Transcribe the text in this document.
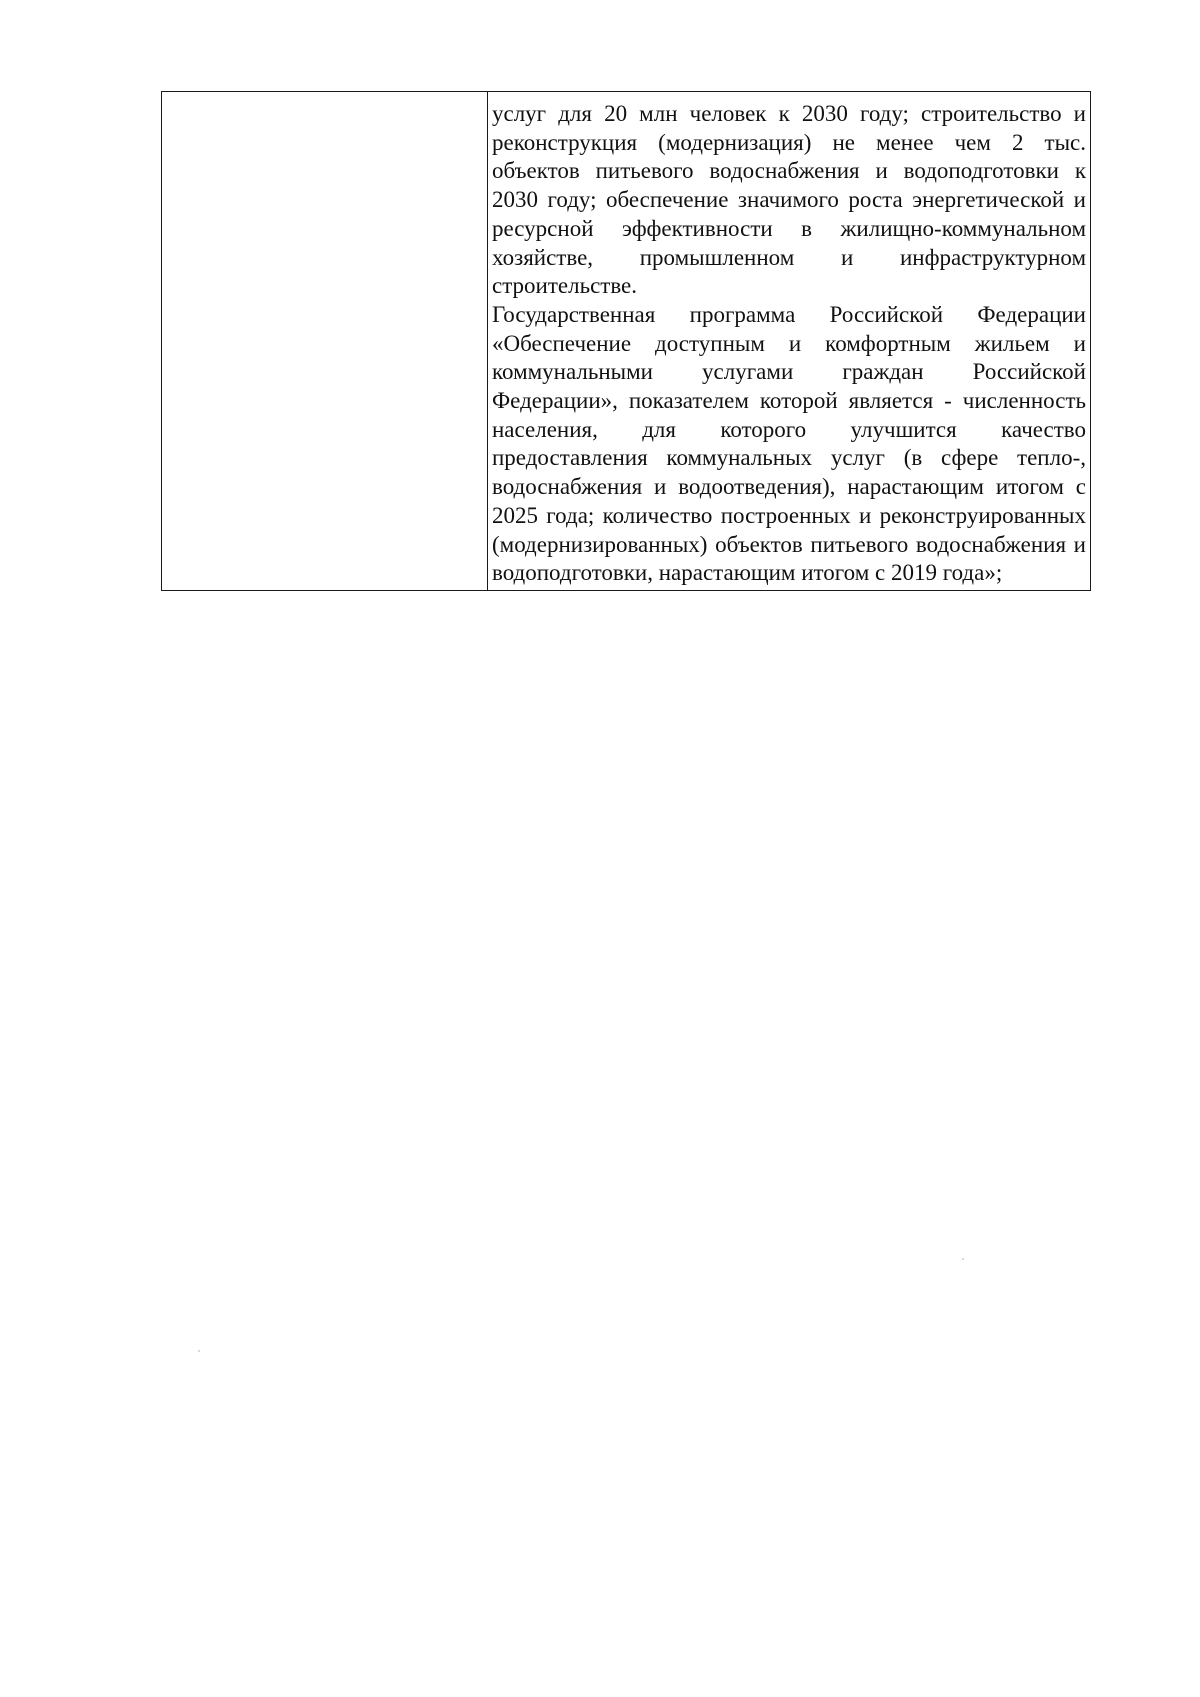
услуг для 20 млн человек к 2030 году; строительство и реконструкция (модернизация) не менее чем 2 тыс. объектов питьевого водоснабжения и водоподготовки к 2030 году; обеспечение значимого роста энергетической и ресурсной эффективности в жилищно-коммунальном хозяйстве, промышленном и инфраструктурном строительстве.

Государственная программа Российской Федерации «Обеспечение доступным и комфортным жильем и коммунальными услугами граждан Российской Федерации», показателем которой является - численность населения, для которого улучшится качество предоставления коммунальных услуг (в сфере тепло-, водоснабжения и водоотведения), нарастающим итогом с 2025 года; количество построенных и реконструированных (модернизированных) объектов питьевого водоснабжения и водоподготовки, нарастающим итогом с 2019 года»;
